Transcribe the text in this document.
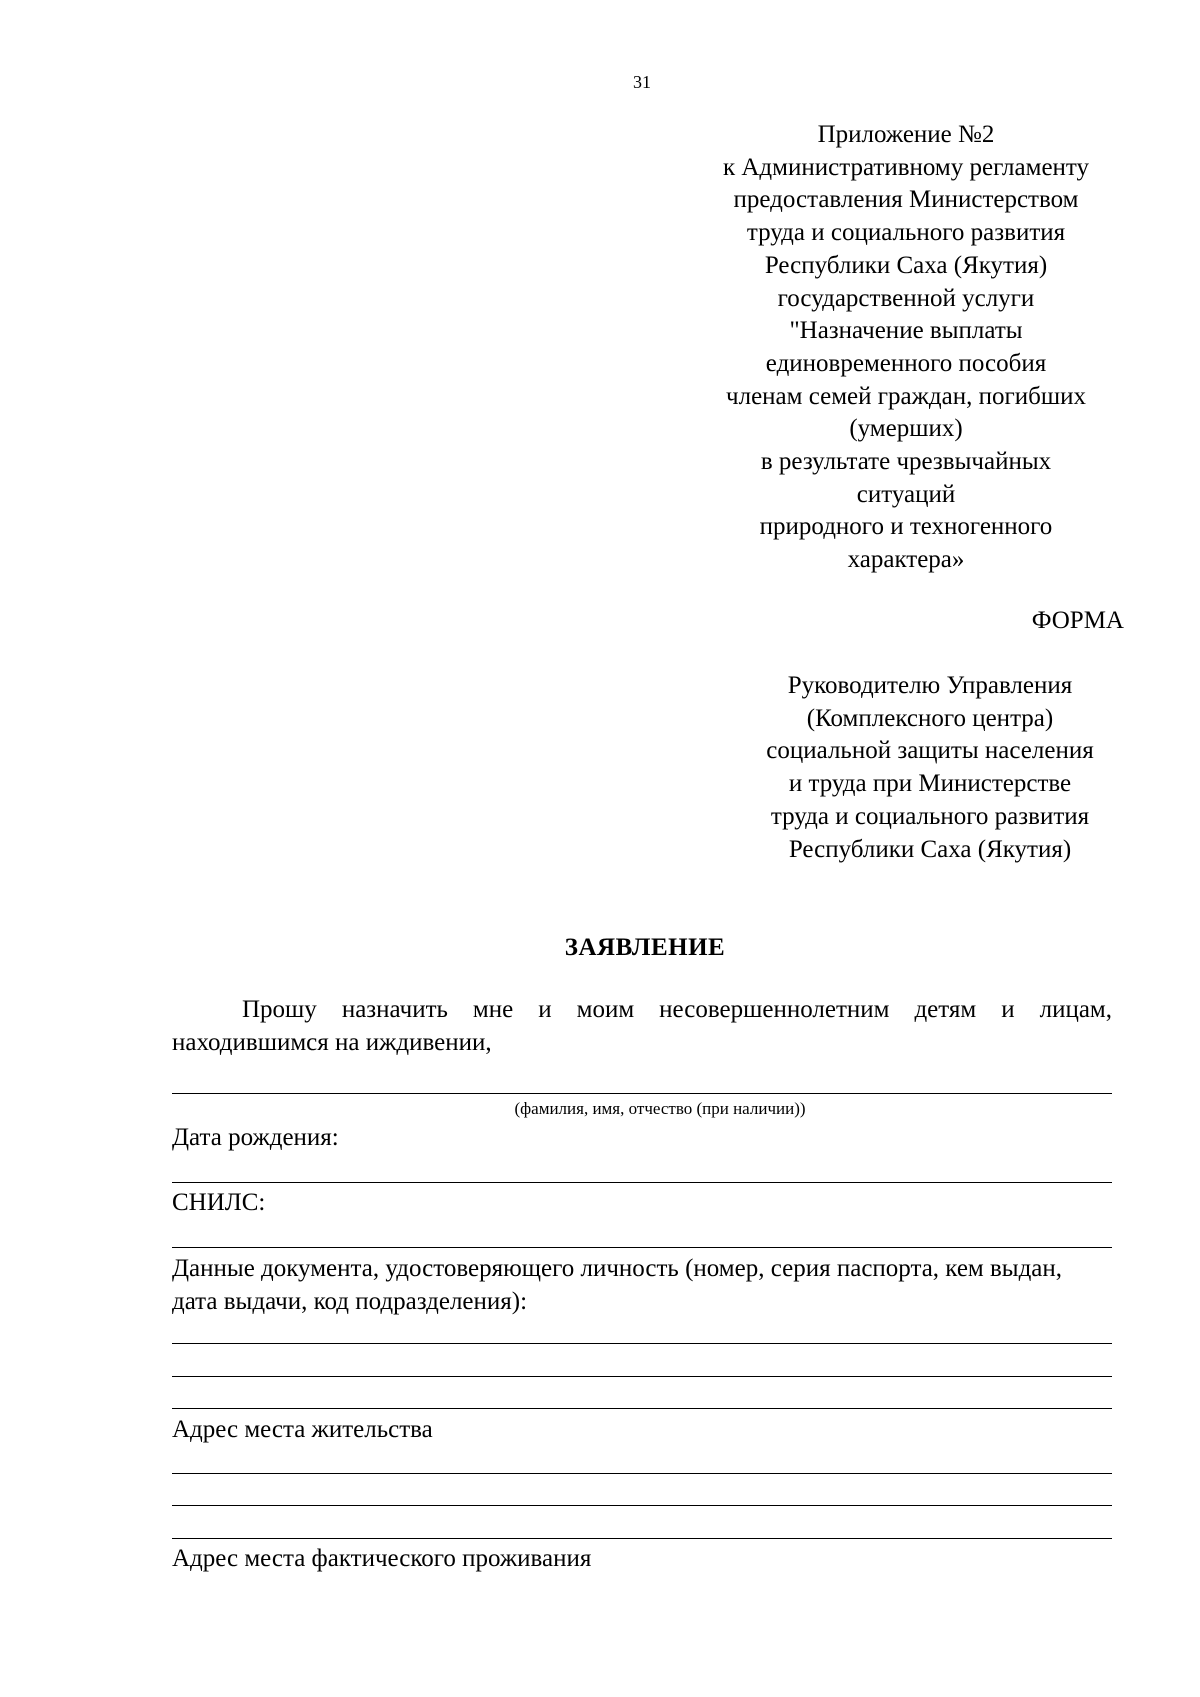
31
Приложение №2
к Административному регламенту
предоставления Министерством
труда и социального развития
Республики Саха (Якутия)
государственной услуги
"Назначение выплаты
единовременного пособия
членам семей граждан, погибших
(умерших)
в результате чрезвычайных
ситуаций
природного и техногенного
характера»
ФОРМА
Руководителю Управления
(Комплексного центра)
социальной защиты населения
и труда при Министерстве
труда и социального развития
Республики Саха (Якутия)
ЗАЯВЛЕНИЕ
Прошу назначить мне и моим несовершеннолетним детям и лицам,
находившимся на иждивении,
(фамилия, имя, отчество (при наличии))
Дата рождения:
СНИЛС:
Данные документа, удостоверяющего личность (номер, серия паспорта, кем выдан, дата выдачи, код подразделения):
Адрес места жительства
Адрес места фактического проживания
